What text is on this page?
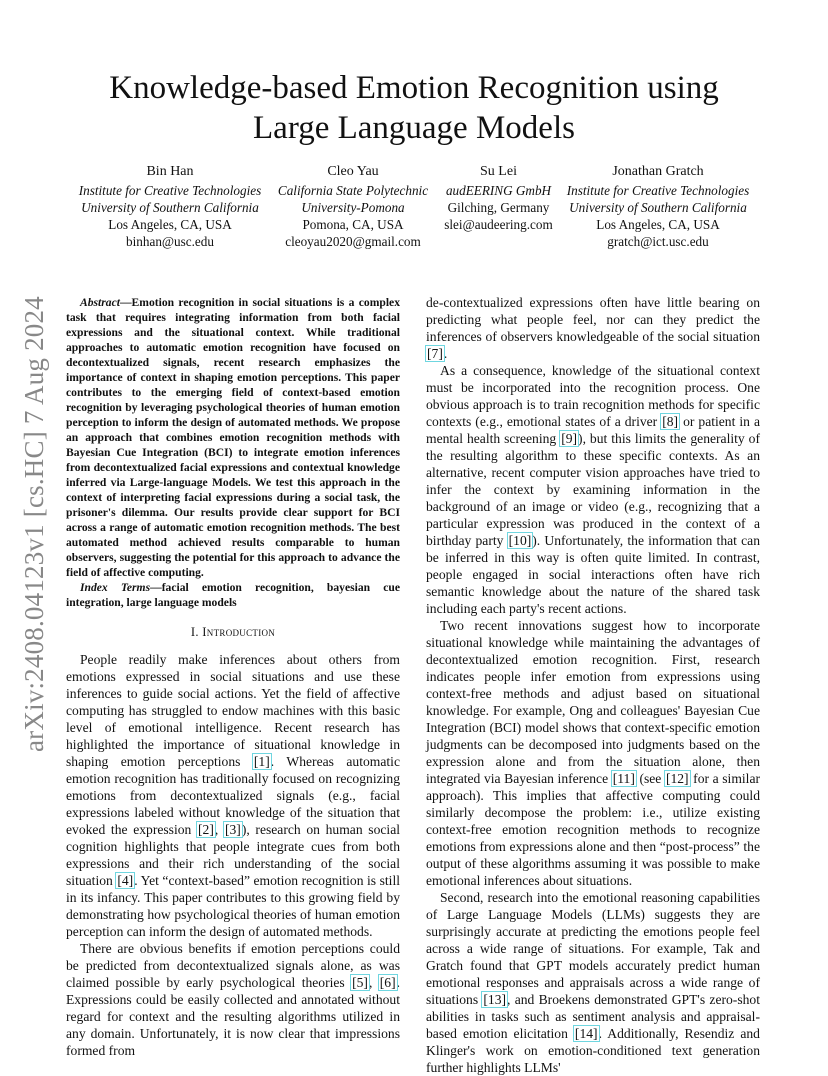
Knowledge-based Emotion Recognition using
Large Language Models
Bin Han
Institute for Creative Technologies
University of Southern California
Los Angeles, CA, USA
binhan@usc.edu
Cleo Yau
California State Polytechnic
University-Pomona
Pomona, CA, USA
cleoyau2020@gmail.com
Su Lei
audEERING GmbH
Gilching, Germany
slei@audeering.com
Jonathan Gratch
Institute for Creative Technologies
University of Southern California
Los Angeles, CA, USA
gratch@ict.usc.edu
arXiv:2408.04123v1 [cs.HC] 7 Aug 2024	Abstract—Emotion recognition in social situations is a complex task that requires integrating information from both facial expressions and the situational context. While traditional approaches to automatic emotion recognition have focused on decontextualized signals, recent research emphasizes the importance of context in shaping emotion perceptions. This paper contributes to the emerging field of context-based emotion recognition by leveraging psychological theories of human emotion perception to inform the design of automated methods. We propose an approach that combines emotion recognition methods with Bayesian Cue Integration (BCI) to integrate emotion inferences from decontextualized facial expressions and contextual knowledge inferred via Large-language Models. We test this approach in the context of interpreting facial expressions during a social task, the prisoner's dilemma. Our results provide clear support for BCI across a range of automatic emotion recognition methods. The best automated method achieved results comparable to human observers, suggesting the potential for this approach to advance the field of affective computing.

Index Terms—facial emotion recognition, bayesian cue integration, large language models

I. Introduction

People readily make inferences about others from emotions expressed in social situations and use these inferences to guide social actions. Yet the field of affective computing has struggled to endow machines with this basic level of emotional intelligence. Recent research has highlighted the importance of situational knowledge in shaping emotion perceptions [1]. Whereas automatic emotion recognition has traditionally focused on recognizing emotions from decontextualized signals (e.g., facial expressions labeled without knowledge of the situation that evoked the expression [2], [3]), research on human social cognition highlights that people integrate cues from both expressions and their rich understanding of the social situation [4]. Yet “context-based” emotion recognition is still in its infancy. This paper contributes to this growing field by demonstrating how psychological theories of human emotion perception can inform the design of automated methods.

There are obvious benefits if emotion perceptions could be predicted from decontextualized signals alone, as was claimed possible by early psychological theories [5], [6]. Expressions could be easily collected and annotated without regard for context and the resulting algorithms utilized in any domain. Unfortunately, it is now clear that impressions formed from

de-contextualized expressions often have little bearing on predicting what people feel, nor can they predict the inferences of observers knowledgeable of the social situation [7].

As a consequence, knowledge of the situational context must be incorporated into the recognition process. One obvious approach is to train recognition methods for specific contexts (e.g., emotional states of a driver [8] or patient in a mental health screening [9]), but this limits the generality of the resulting algorithm to these specific contexts. As an alternative, recent computer vision approaches have tried to infer the context by examining information in the background of an image or video (e.g., recognizing that a particular expression was produced in the context of a birthday party [10]). Unfortunately, the information that can be inferred in this way is often quite limited. In contrast, people engaged in social interactions often have rich semantic knowledge about the nature of the shared task including each party's recent actions.

Two recent innovations suggest how to incorporate situational knowledge while maintaining the advantages of decontextualized emotion recognition. First, research indicates people infer emotion from expressions using context-free methods and adjust based on situational knowledge. For example, Ong and colleagues' Bayesian Cue Integration (BCI) model shows that context-specific emotion judgments can be decomposed into judgments based on the expression alone and from the situation alone, then integrated via Bayesian inference [11] (see [12] for a similar approach). This implies that affective computing could similarly decompose the problem: i.e., utilize existing context-free emotion recognition methods to recognize emotions from expressions alone and then “post-process” the output of these algorithms assuming it was possible to make emotional inferences about situations.

Second, research into the emotional reasoning capabilities of Large Language Models (LLMs) suggests they are surprisingly accurate at predicting the emotions people feel across a wide range of situations. For example, Tak and Gratch found that GPT models accurately predict human emotional responses and appraisals across a wide range of situations [13], and Broekens demonstrated GPT's zero-shot abilities in tasks such as sentiment analysis and appraisal-based emotion elicitation [14]. Additionally, Resendiz and Klinger's work on emotion-conditioned text generation further highlights LLMs'
